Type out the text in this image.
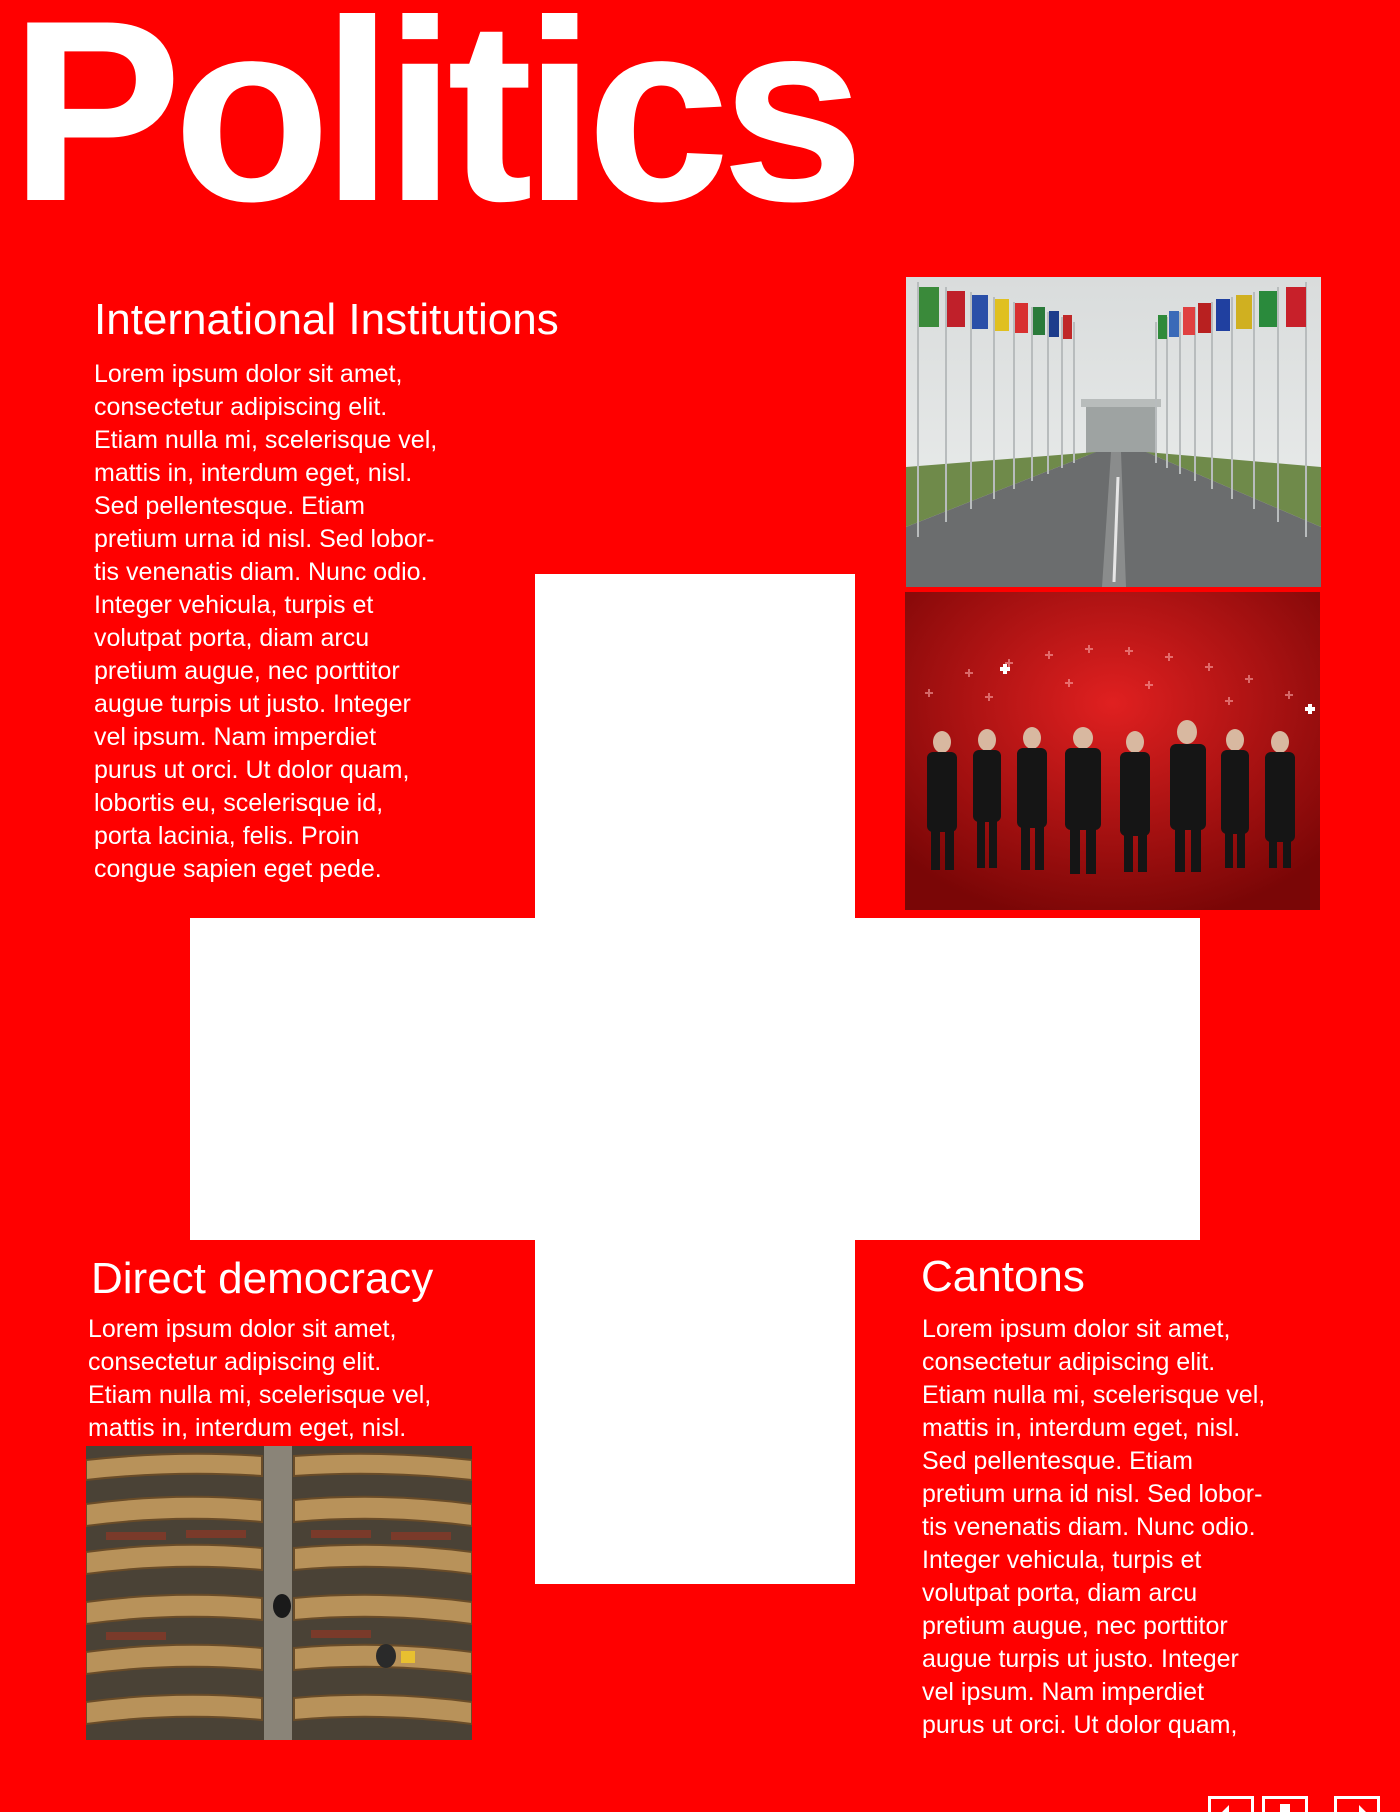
Politics
International Institutions
Lorem ipsum dolor sit amet,
consectetur adipiscing elit.
Etiam nulla mi, scelerisque vel,
mattis in, interdum eget, nisl.
Sed pellentesque. Etiam
pretium urna id nisl. Sed lobor-
tis venenatis diam. Nunc odio.
Integer vehicula, turpis et
volutpat porta, diam arcu
pretium augue, nec porttitor
augue turpis ut justo. Integer
vel ipsum. Nam imperdiet
purus ut orci. Ut dolor quam,
lobortis eu, scelerisque id,
porta lacinia, felis. Proin
congue sapien eget pede.
Direct democracy
Lorem ipsum dolor sit amet,
consectetur adipiscing elit.
Etiam nulla mi, scelerisque vel,
mattis in, interdum eget, nisl.
Cantons
Lorem ipsum dolor sit amet,
consectetur adipiscing elit.
Etiam nulla mi, scelerisque vel,
mattis in, interdum eget, nisl.
Sed pellentesque. Etiam
pretium urna id nisl. Sed lobor-
tis venenatis diam. Nunc odio.
Integer vehicula, turpis et
volutpat porta, diam arcu
pretium augue, nec porttitor
augue turpis ut justo. Integer
vel ipsum. Nam imperdiet
purus ut orci. Ut dolor quam,
